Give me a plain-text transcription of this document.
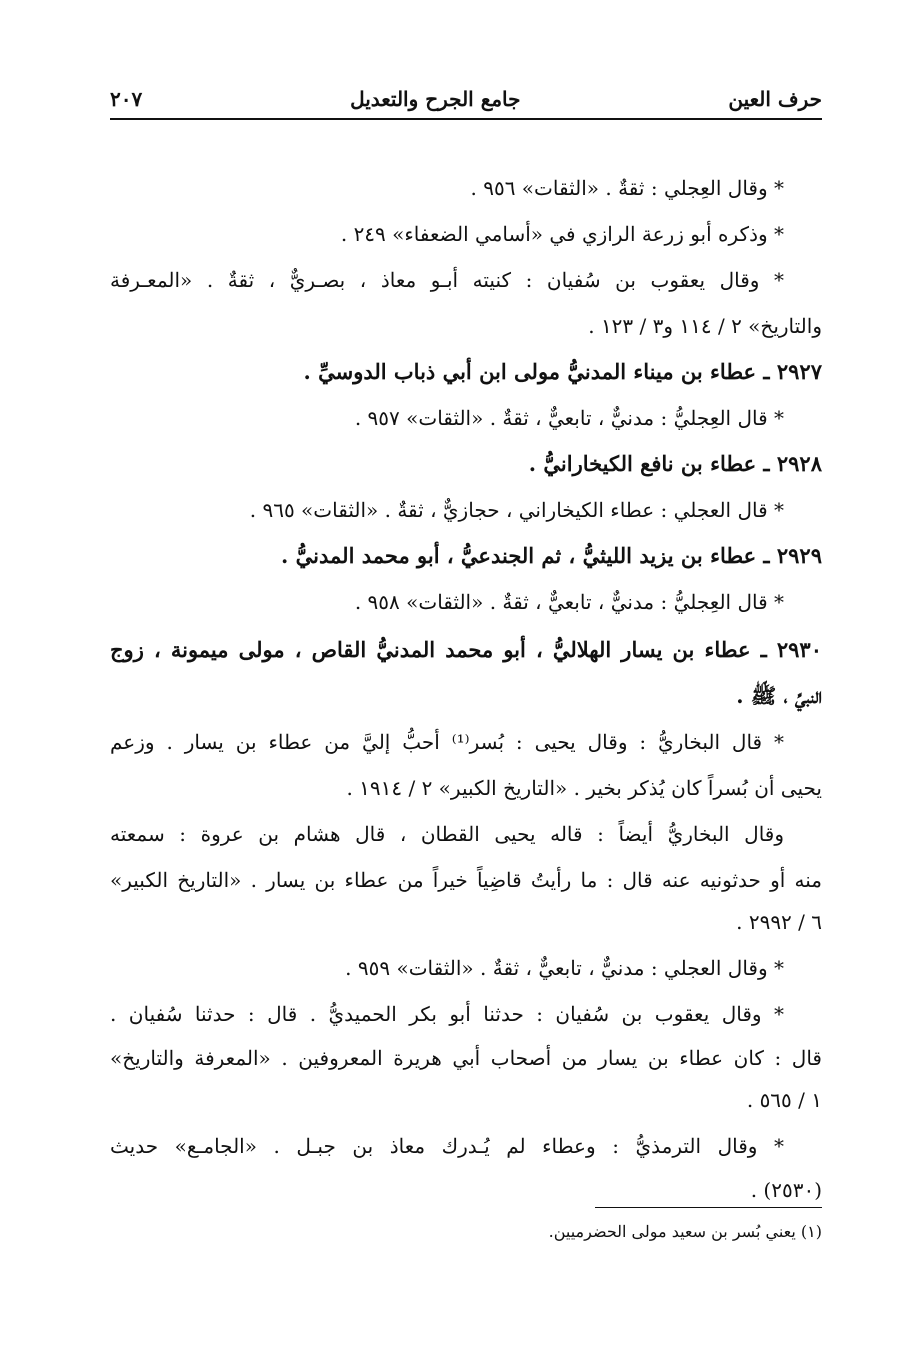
حرف العين
جامع الجرح والتعديل
٢٠٧
* وقال العِجلي : ثقةٌ . «الثقات» ٩٥٦ .
* وذكره أبو زرعة الرازي في «أسامي الضعفاء» ٢٤٩ .
* وقال يعقوب بن سُفيان : كنيته أبـو معاذ ، بصـريٌّ ، ثقةٌ . «المعـرفة
والتاريخ» ٢ / ١١٤ و٣ / ١٢٣ .
٢٩٢٧ ـ عطاء بن ميناء المدنيُّ مولى ابن أبي ذباب الدوسيِّ .
* قال العِجليُّ : مدنيٌّ ، تابعيٌّ ، ثقةٌ . «الثقات» ٩٥٧ .
٢٩٢٨ ـ عطاء بن نافع الكيخارانيُّ .
* قال العجلي : عطاء الكيخاراني ، حجازيٌّ ، ثقةٌ . «الثقات» ٩٦٥ .
٢٩٢٩ ـ عطاء بن يزيد الليثيُّ ، ثم الجندعيُّ ، أبو محمد المدنيُّ .
* قال العِجليُّ : مدنيٌّ ، تابعيٌّ ، ثقةٌ . «الثقات» ٩٥٨ .
٢٩٣٠ ـ عطاء بن يسار الهلاليُّ ، أبو محمد المدنيُّ القاص ، مولى ميمونة ، زوج
النبيِّ ، ﷺ .
* قال البخاريُّ : وقال يحيى : بُسر⁽¹⁾ أحبُّ إليَّ من عطاء بن يسار . وزعم
يحيى أن بُسراً كان يُذكر بخير . «التاريخ الكبير» ٢ / ١٩١٤ .
وقال البخاريُّ أيضاً : قاله يحيى القطان ، قال هشام بن عروة : سمعته
منه أو حدثونيه عنه قال : ما رأيتُ قاضِياً خيراً من عطاء بن يسار . «التاريخ الكبير»
٦ / ٢٩٩٢ .
* وقال العجلي : مدنيٌّ ، تابعيٌّ ، ثقةٌ . «الثقات» ٩٥٩ .
* وقال يعقوب بن سُفيان : حدثنا أبو بكر الحميديُّ . قال : حدثنا سُفيان .
قال : كان عطاء بن يسار من أصحاب أبي هريرة المعروفين . «المعرفة والتاريخ»
١ / ٥٦٥ .
* وقال الترمذيُّ : وعطاء لم يُـدرك معاذ بن جبـل . «الجامـع» حديث
(٢٥٣٠) .
(١) يعني بُسر بن سعيد مولى الحضرميين.
